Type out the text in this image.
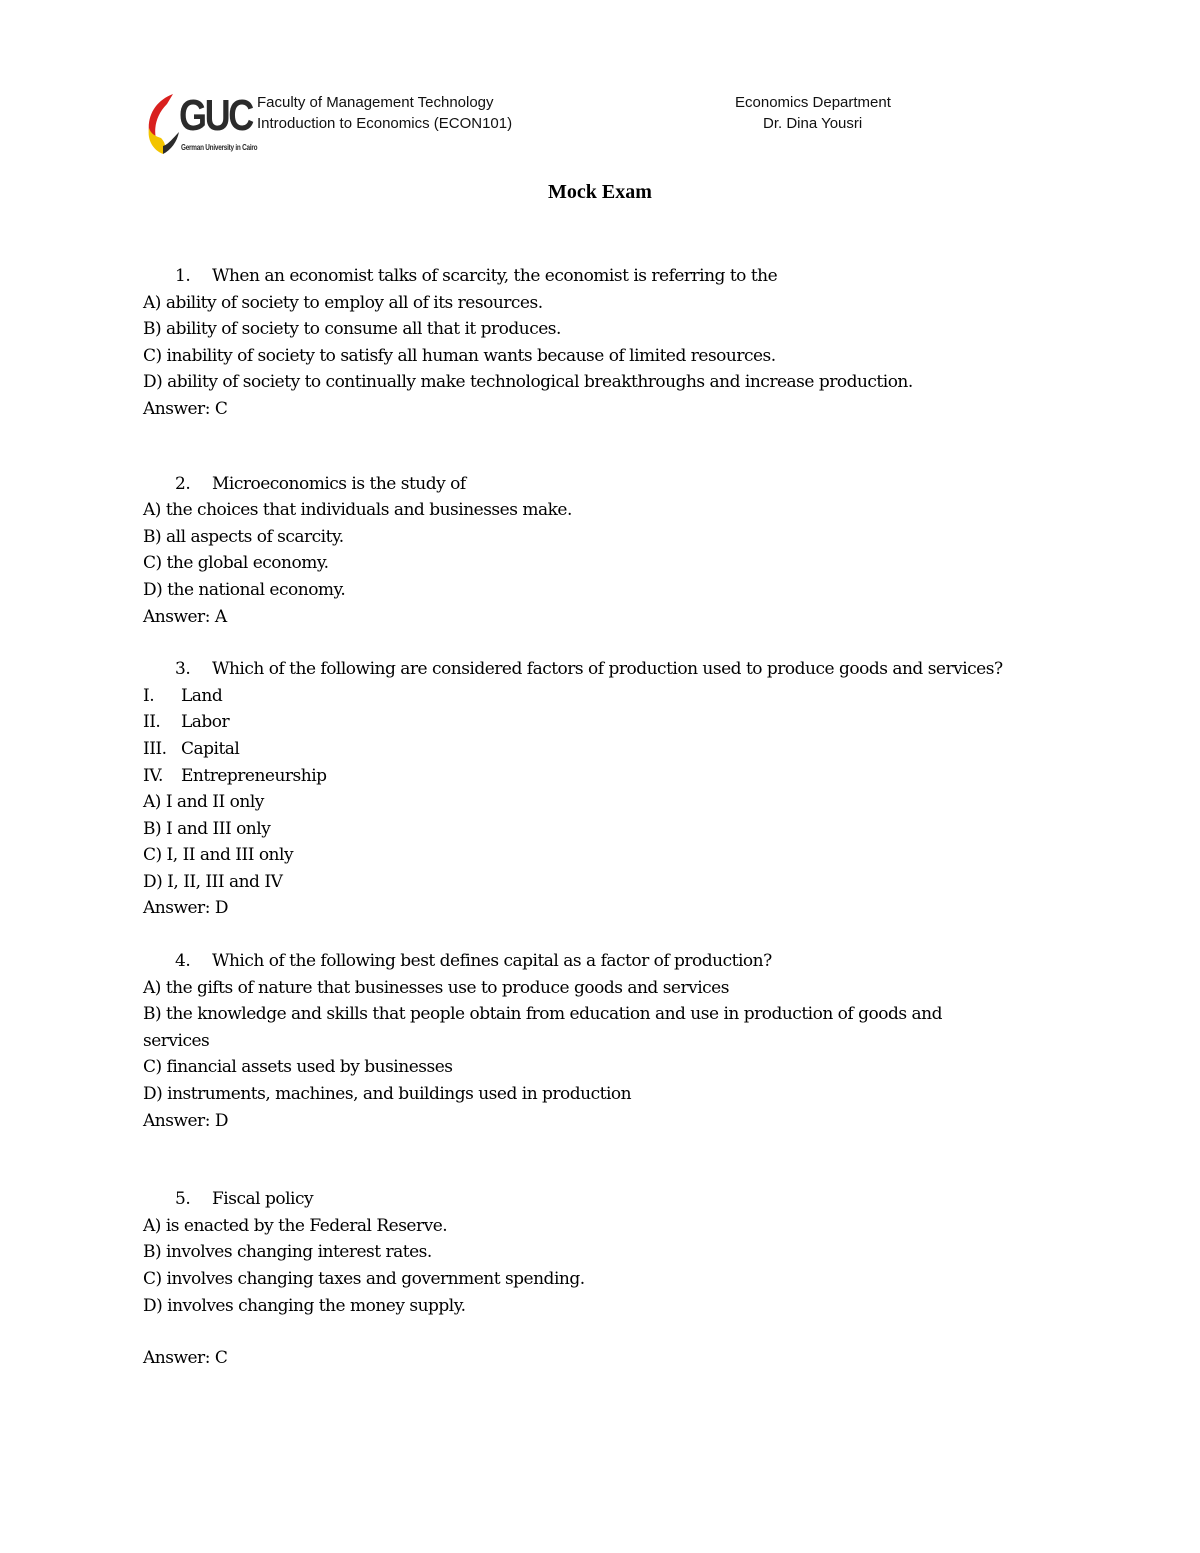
GUC
German University in Cairo
Faculty of Management Technology
Introduction to Economics (ECON101)
Economics Department
Dr. Dina Yousri
Mock Exam
1. When an economist talks of scarcity, the economist is referring to the
A) ability of society to employ all of its resources.
B) ability of society to consume all that it produces.
C) inability of society to satisfy all human wants because of limited resources.
D) ability of society to continually make technological breakthroughs and increase production.
Answer: C
2. Microeconomics is the study of
A) the choices that individuals and businesses make.
B) all aspects of scarcity.
C) the global economy.
D) the national economy.
Answer: A
3. Which of the following are considered factors of production used to produce goods and services?
I. Land
II. Labor
III. Capital
IV. Entrepreneurship
A) I and II only
B) I and III only
C) I, II and III only
D) I, II, III and IV
Answer: D
4. Which of the following best defines capital as a factor of production?
A) the gifts of nature that businesses use to produce goods and services
B) the knowledge and skills that people obtain from education and use in production of goods and services
C) financial assets used by businesses
D) instruments, machines, and buildings used in production
Answer: D
5. Fiscal policy
A) is enacted by the Federal Reserve.
B) involves changing interest rates.
C) involves changing taxes and government spending.
D) involves changing the money supply.
Answer: C
